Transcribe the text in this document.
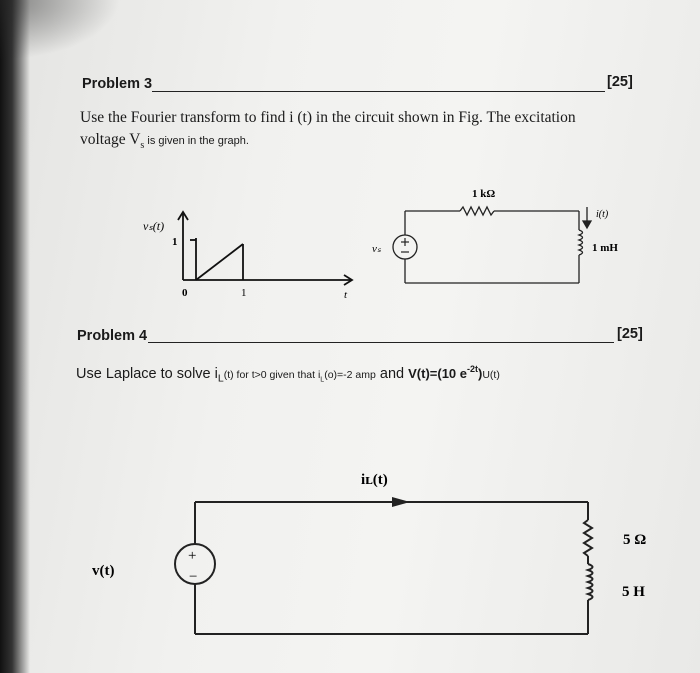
Problem 3	[25]
Use the Fourier transform to find i (t) in the circuit shown in Fig. The excitation
voltage $V_s$ is given in the graph.
vₛ(t)
1
0	1	t
1 kΩ
i(t)
1 mH
vₛ
Problem 4	[25]
Use Laplace to solve $i_L(t)$ for t>0 given that $i_L(o)=-2$ amp and V(t)=(10 $e^{-2t})U(t)$
iʟ(t)
+
−
v(t)
5 Ω
5 H
